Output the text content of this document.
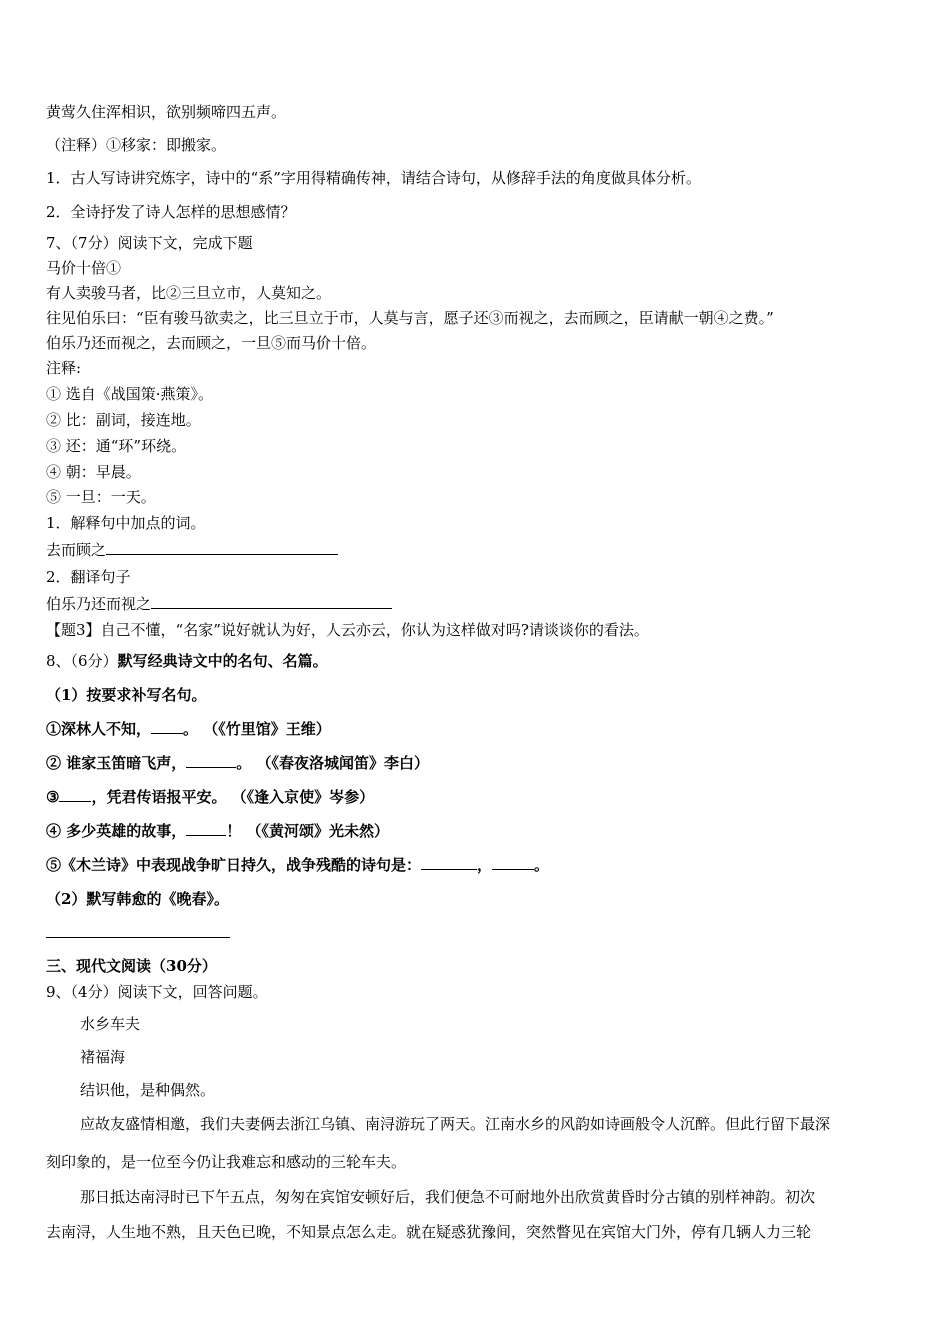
黄莺久住浑相识，欲别频啼四五声。
（注释）①移家：即搬家。
1．古人写诗讲究炼字，诗中的“系”字用得精确传神，请结合诗句，从修辞手法的角度做具体分析。
2．全诗抒发了诗人怎样的思想感情？
7、（7分）阅读下文，完成下题
马价十倍①
有人卖骏马者，比②三旦立市，人莫知之。
往见伯乐曰：“臣有骏马欲卖之，比三旦立于市，人莫与言，愿子还③而视之，去而顾之，臣请献一朝④之费。”
伯乐乃还而视之，去而顾之，一旦⑤而马价十倍。
注释:
① 选自《战国策·燕策》。
② 比：副词，接连地。
③ 还：通“环”环绕。
④ 朝：早晨。
⑤ 一旦：一天。
1．解释句中加点的词。
去而顾之
2．翻译句子
伯乐乃还而视之
【题3】自己不懂，“名家”说好就认为好，人云亦云，你认为这样做对吗?请谈谈你的看法。
8、（6分）默写经典诗文中的名句、名篇。
（1）按要求补写名句。
①深林人不知， 。 （《竹里馆》王维）
② 谁家玉笛暗飞声，	。 （《春夜洛城闻笛》李白）
③ ，凭君传语报平安。 （《逢入京使》岑参）
④ 多少英雄的故事，	！ （《黄河颂》光未然）
⑤《木兰诗》中表现战争旷日持久，战争残酷的诗句是：	，	。
（2）默写韩愈的《晚春》。
三、现代文阅读（30分）
9、（4分）阅读下文，回答问题。
水乡车夫
褚福海
结识他，是种偶然。
应故友盛情相邀，我们夫妻俩去浙江乌镇、南浔游玩了两天。江南水乡的风韵如诗画般令人沉醉。但此行留下最深
刻印象的，是一位至今仍让我难忘和感动的三轮车夫。
那日抵达南浔时已下午五点，匆匆在宾馆安顿好后，我们便急不可耐地外出欣赏黄昏时分古镇的别样神韵。初次
去南浔，人生地不熟，且天色已晚，不知景点怎么走。就在疑惑犹豫间，突然瞥见在宾馆大门外，停有几辆人力三轮
